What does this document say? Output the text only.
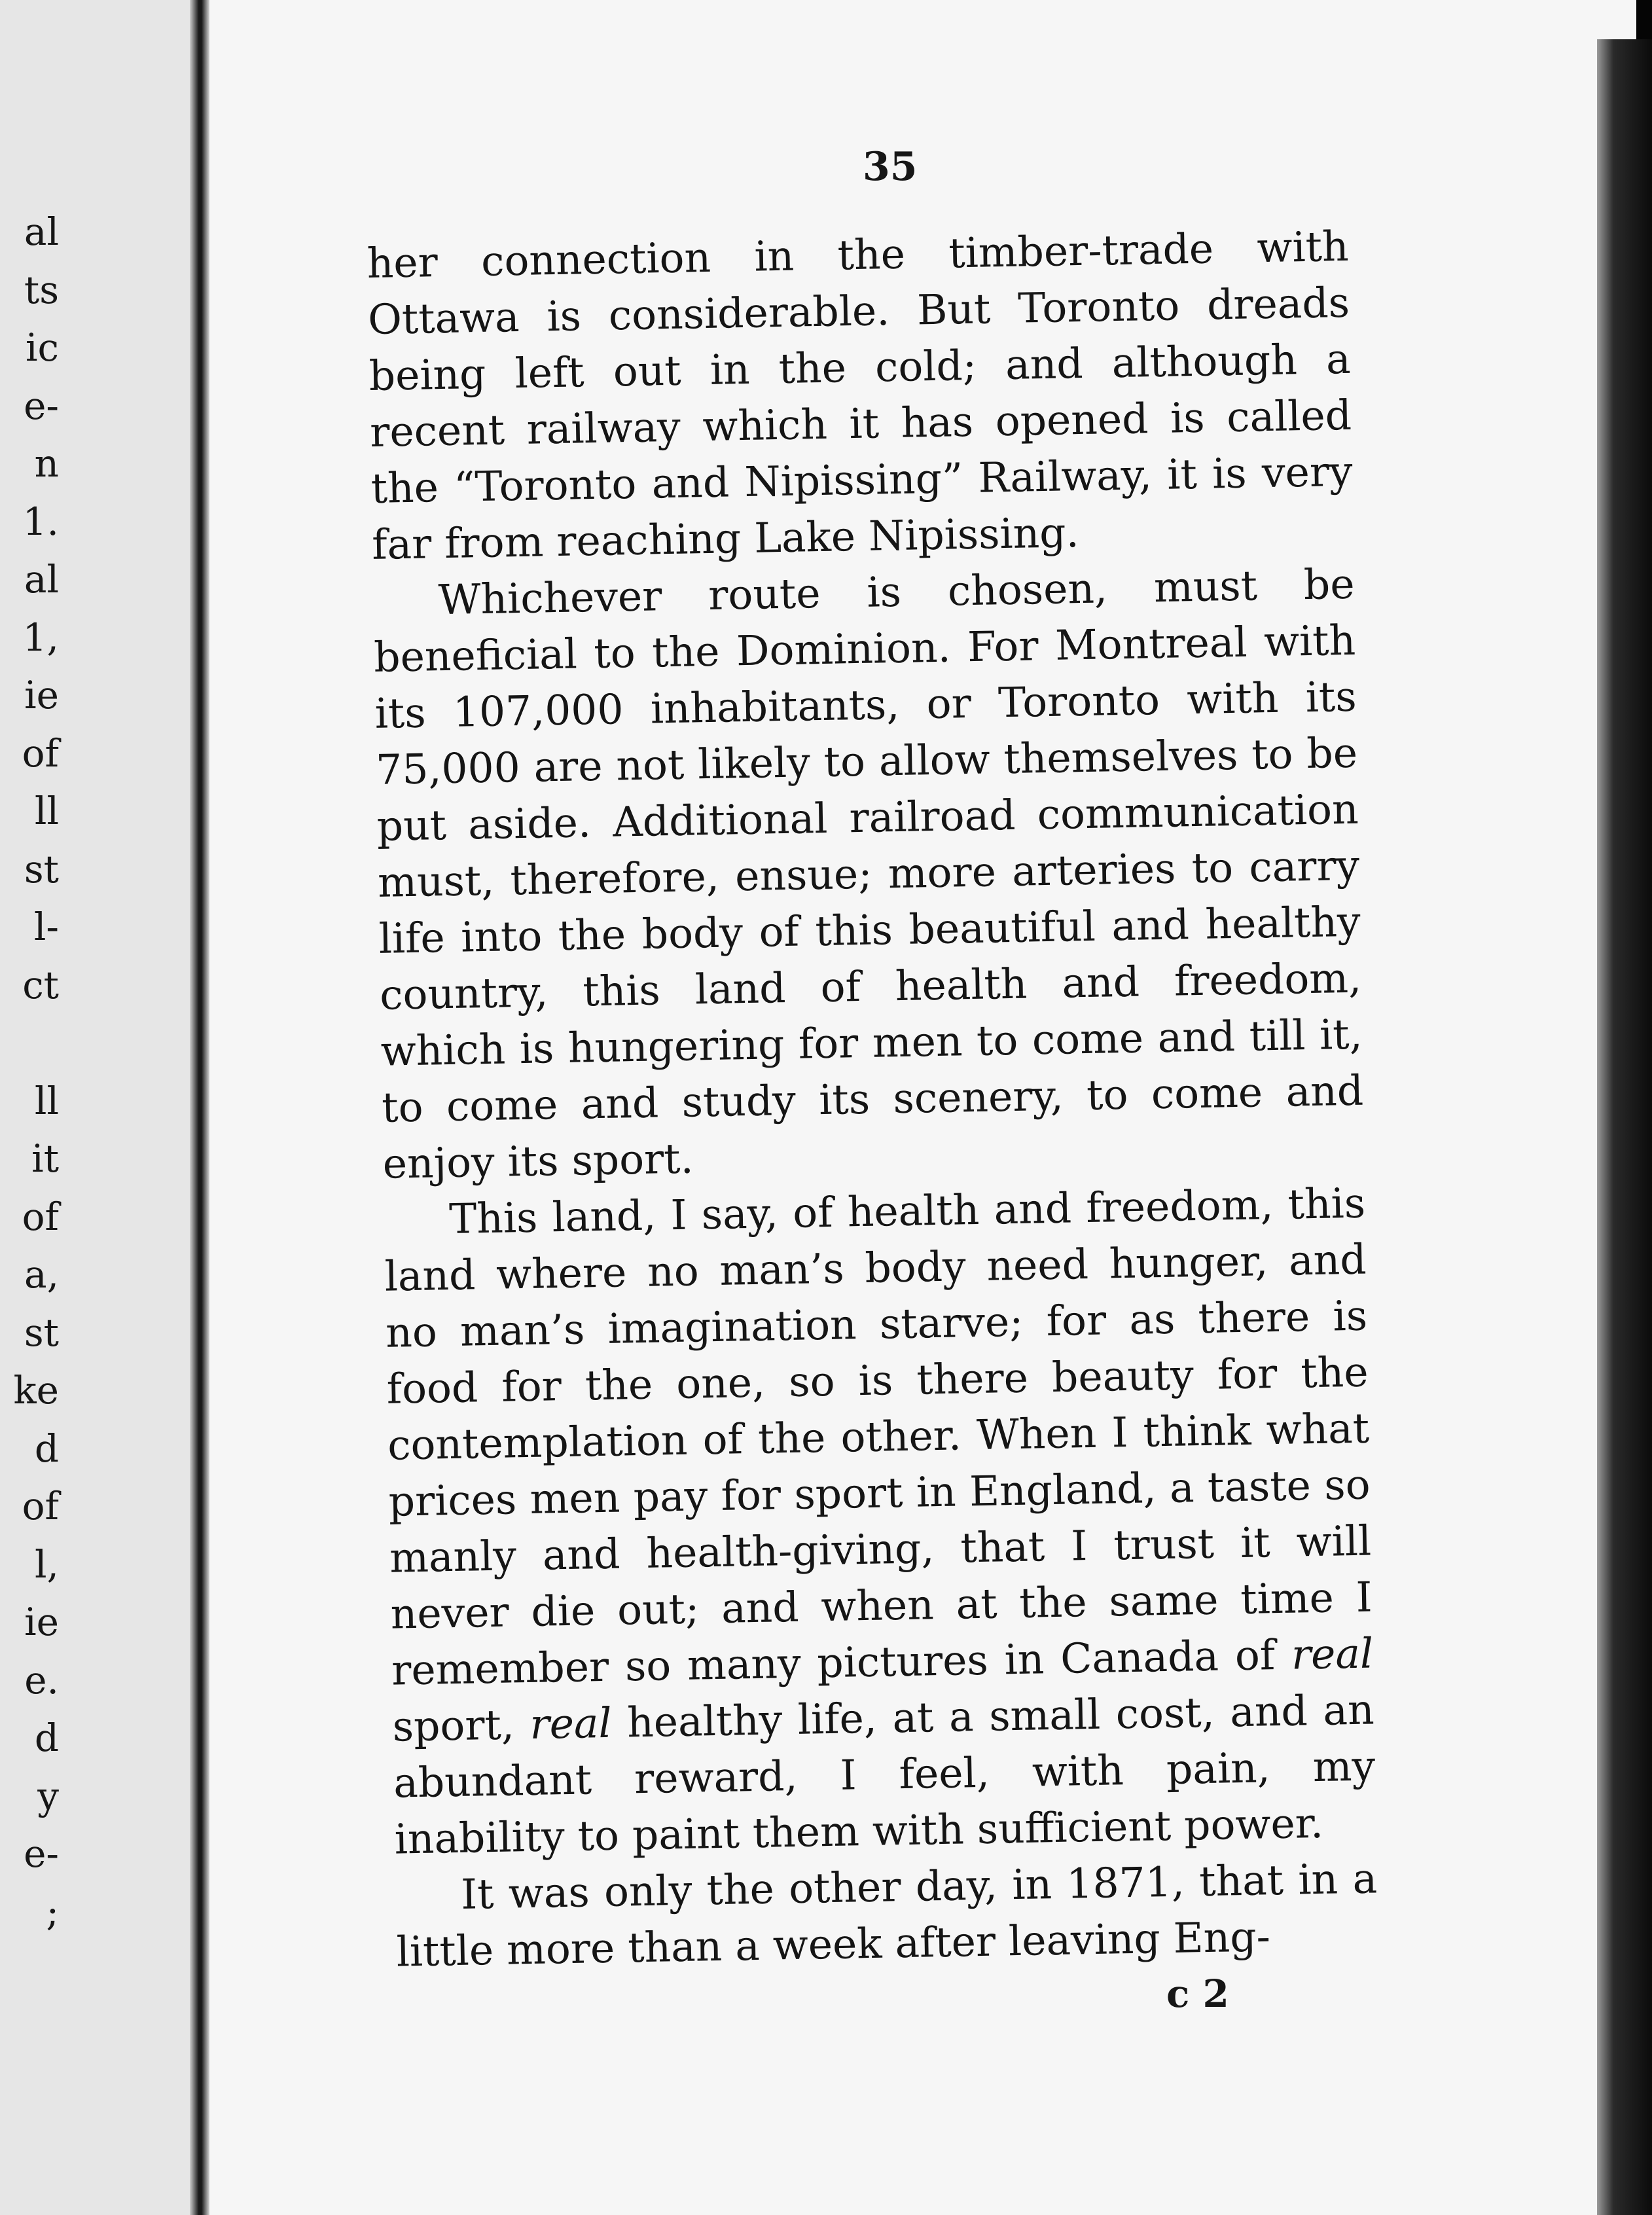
al
ts
ic
e-
n
1.
al
1,
ie
of
ll
st
l-
ct

ll
it
of
a,
st
ke
d
of
l,
ie
e.
d
y
e-
;
35

her connection in the timber-trade with Ottawa is considerable. But Toronto dreads being left out in the cold; and although a recent railway which it has opened is called the “Toronto and Nipissing” Railway, it is very far from reaching Lake Nipissing.

Whichever route is chosen, must be beneficial to the Dominion. For Montreal with its 107,000 inhabitants, or Toronto with its 75,000 are not likely to allow themselves to be put aside. Additional railroad communication must, therefore, ensue; more arteries to carry life into the body of this beautiful and healthy country, this land of health and freedom, which is hungering for men to come and till it, to come and study its scenery, to come and enjoy its sport.

This land, I say, of health and freedom, this land where no man’s body need hunger, and no man’s imagination starve; for as there is food for the one, so is there beauty for the contemplation of the other. When I think what prices men pay for sport in England, a taste so manly and health-giving, that I trust it will never die out; and when at the same time I remember so many pictures in Canada of real sport, real healthy life, at a small cost, and an abundant reward, I feel, with pain, my inability to paint them with sufficient power.

It was only the other day, in 1871, that in a little more than a week after leaving Eng-

c 2
